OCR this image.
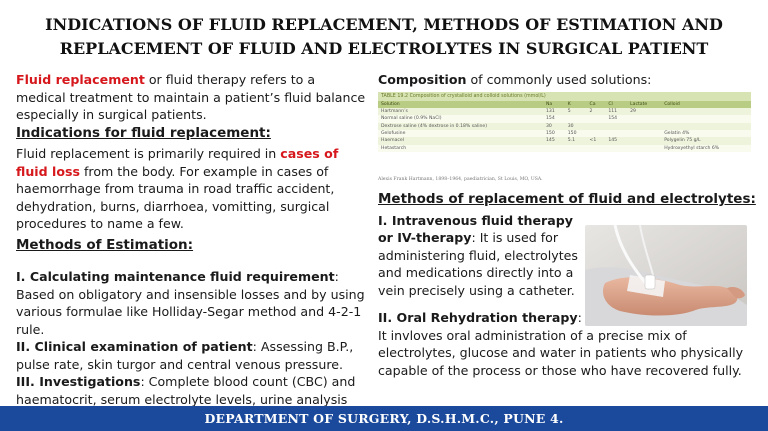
INDICATIONS OF FLUID REPLACEMENT, METHODS OF ESTIMATION AND
REPLACEMENT OF FLUID AND ELECTROLYTES IN SURGICAL PATIENT

Fluid replacement or fluid therapy refers to a medical treatment to maintain a patient’s fluid balance especially in surgical patients.

Indications for fluid replacement:

Fluid replacement is primarily required in cases of fluid loss from the body. For example in cases of haemorrhage from trauma in road traffic accident, dehydration, burns, diarrhoea, vomitting, surgical procedures to name a few.

Methods of Estimation:

I. Calculating maintenance fluid requirement: Based on obligatory and insensible losses and by using various formulae like Holliday-Segar method and 4-2-1 rule.

II. Clinical examination of patient: Assessing B.P., pulse rate, skin turgor and central venous pressure.

III. Investigations: Complete blood count (CBC) and haematocrit, serum electrolyte levels, urine analysis

Composition of commonly used solutions:

TABLE 19.2 Composition of crystalloid and colloid solutions (mmol/L)
Solution	Na	K	Ca	Cl	Lactate	Colloid
Hartmann’s	131	5	2	111	29	
Normal saline (0.9% NaCl)	154			154		
Dextrose saline (4% dextrose in 0.18% saline)	30	30				
Gelofusine	150	150				Gelatin 4%
Haemacel	145	5.1	<1	145		Polygelin 75 g/L
Hetastarch						Hydroxyethyl starch 6%
Alexis Frank Hartmann, 1898–1964, paediatrician, St Louis, MO, USA.
Methods of replacement of fluid and electrolytes:

I. Intravenous fluid therapy or IV-therapy: It is used for administering fluid, electrolytes and medications directly into a vein precisely using a catheter.

II. Oral Rehydration therapy:

It invloves oral administration of a precise mix of electrolytes, glucose and water in patients who physically capable of the process or those who have recovered fully.

DEPARTMENT OF SURGERY, D.S.H.M.C., PUNE 4.
